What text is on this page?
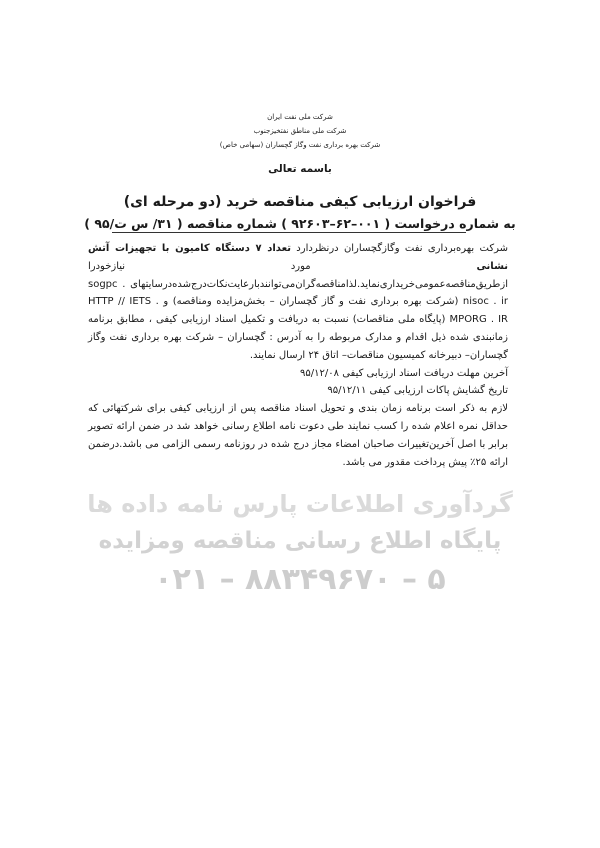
گردآوری اطلاعات پارس نامه داده ها
پایگاه اطلاع رسانی مناقصه ومزایده
۰۲۱ – ۸۸۳۴۹۶۷۰ – ۵
شرکت ملی نفت ایران
شرکت ملی مناطق نفتخیزجنوب
شرکت بهره برداری نفت وگاز گچساران (سهامی خاص)
باسمه تعالی
فراخوان ارزیابی کیفی مناقصه خرید (دو مرحله ای)
به شماره درخواست ( ۰۰۱–۶۲–۹۲۶۰۳ ) شماره مناقصه ( ۳۱/ س ت/۹۵ )

شرکت بهره‌برداری نفت وگازگچساران درنظردارد تعداد ۷ دستگاه کامیون با تجهیزات آتش نشانی مورد نیازخودرا ازطریق‌مناقصه‌عمومی‌خریداری‌نماید.لذامناقصه‌گران‌می‌توانندبارعایت‌نکات‌درج‌شده‌درسایتهای sogpc . nisoc . ir (شرکت بهره برداری نفت و گاز گچساران – بخش‌مزایده ومناقصه) و HTTP // IETS . MPORG . IR (پایگاه ملی مناقصات) نسبت به دریافت و تکمیل اسناد ارزیابی کیفی ، مطابق برنامه زمانبندی شده ذیل اقدام و مدارک مربوطه را به آدرس : گچساران – شرکت بهره برداری نفت وگاز گچساران– دبیرخانه کمیسیون مناقصات– اتاق ۲۴ ارسال نمایند.

آخرین مهلت دریافت اسناد ارزیابی کیفی ۹۵/۱۲/۰۸

تاریخ گشایش پاکات ارزیابی کیفی ۹۵/۱۲/۱۱

لازم به ذکر است برنامه زمان بندی و تحویل اسناد مناقصه پس از ارزیابی کیفی برای شرکتهائی که حداقل نمره اعلام شده را کسب نمایند طی دعوت نامه اطلاع رسانی خواهد شد در ضمن ارائه تصویر برابر با اصل آخرین‌تغییرات صاحبان امضاء مجاز درج شده در روزنامه رسمی الزامی می باشد.درضمن ارائه ۲۵٪ پیش پرداخت مقدور می باشد.
